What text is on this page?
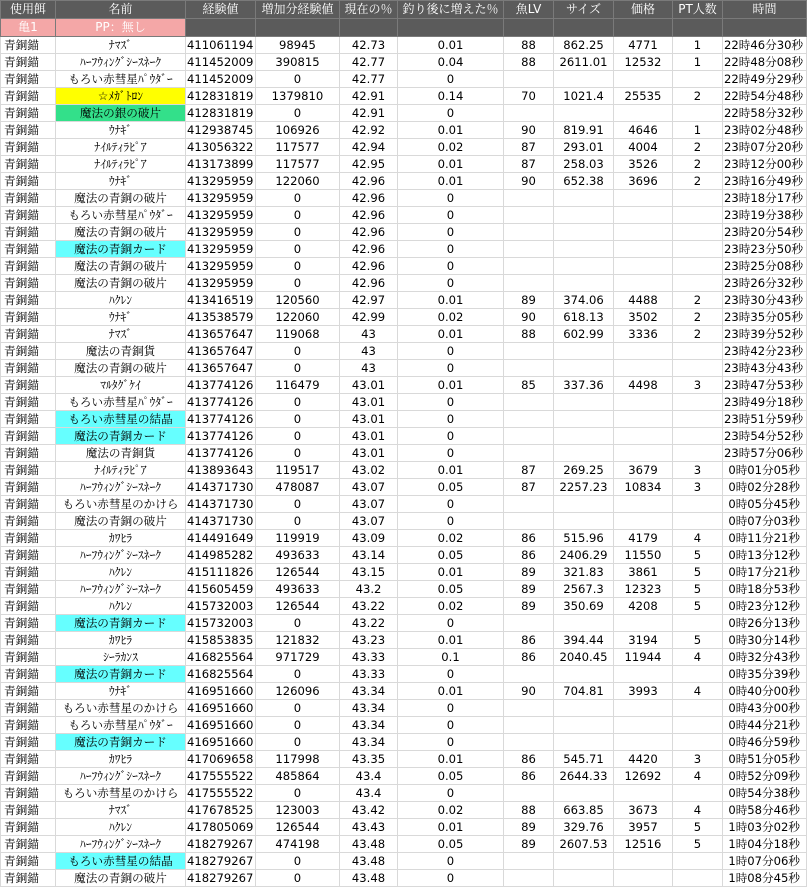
使用餌	名前	経験値	増加分経験値	現在の％	釣り後に増えた％	魚LV	サイズ	価格	PT人数	時間
亀1	PP：無し									
青銅錨	ﾅﾏｽﾞ	411061194	98945	42.73	0.01	88	862.25	4771	1	22時46分30秒
青銅錨	ﾊｰﾌｳｨﾝｸﾞｼｰｽﾈｰｸ	411452009	390815	42.77	0.04	88	2611.01	12532	1	22時48分08秒
青銅錨	もろい赤彗星ﾊﾟｳﾀﾞｰ	411452009	0	42.77	0					22時49分29秒
青銅錨	☆ﾒｶﾞﾄﾛﾝ	412831819	1379810	42.91	0.14	70	1021.4	25535	2	22時54分48秒
青銅錨	魔法の銀の破片	412831819	0	42.91	0					22時58分32秒
青銅錨	ｳﾅｷﾞ	412938745	106926	42.92	0.01	90	819.91	4646	1	23時02分48秒
青銅錨	ﾅｲﾙﾃｨﾗﾋﾟｱ	413056322	117577	42.94	0.02	87	293.01	4004	2	23時07分20秒
青銅錨	ﾅｲﾙﾃｨﾗﾋﾟｱ	413173899	117577	42.95	0.01	87	258.03	3526	2	23時12分00秒
青銅錨	ｳﾅｷﾞ	413295959	122060	42.96	0.01	90	652.38	3696	2	23時16分49秒
青銅錨	魔法の青銅の破片	413295959	0	42.96	0					23時18分17秒
青銅錨	もろい赤彗星ﾊﾟｳﾀﾞｰ	413295959	0	42.96	0					23時19分38秒
青銅錨	魔法の青銅の破片	413295959	0	42.96	0					23時20分54秒
青銅錨	魔法の青銅カード	413295959	0	42.96	0					23時23分50秒
青銅錨	魔法の青銅の破片	413295959	0	42.96	0					23時25分08秒
青銅錨	魔法の青銅の破片	413295959	0	42.96	0					23時26分32秒
青銅錨	ﾊｸﾚﾝ	413416519	120560	42.97	0.01	89	374.06	4488	2	23時30分43秒
青銅錨	ｳﾅｷﾞ	413538579	122060	42.99	0.02	90	618.13	3502	2	23時35分05秒
青銅錨	ﾅﾏｽﾞ	413657647	119068	43	0.01	88	602.99	3336	2	23時39分52秒
青銅錨	魔法の青銅貨	413657647	0	43	0					23時42分23秒
青銅錨	魔法の青銅の破片	413657647	0	43	0					23時43分43秒
青銅錨	ﾏﾙﾀｸﾞｹｲ	413774126	116479	43.01	0.01	85	337.36	4498	3	23時47分53秒
青銅錨	もろい赤彗星ﾊﾟｳﾀﾞｰ	413774126	0	43.01	0					23時49分18秒
青銅錨	もろい赤彗星の結晶	413774126	0	43.01	0					23時51分59秒
青銅錨	魔法の青銅カード	413774126	0	43.01	0					23時54分52秒
青銅錨	魔法の青銅貨	413774126	0	43.01	0					23時57分06秒
青銅錨	ﾅｲﾙﾃｨﾗﾋﾟｱ	413893643	119517	43.02	0.01	87	269.25	3679	3	0時01分05秒
青銅錨	ﾊｰﾌｳｨﾝｸﾞｼｰｽﾈｰｸ	414371730	478087	43.07	0.05	87	2257.23	10834	3	0時02分28秒
青銅錨	もろい赤彗星のかけら	414371730	0	43.07	0					0時05分45秒
青銅錨	魔法の青銅の破片	414371730	0	43.07	0					0時07分03秒
青銅錨	ｶﾜﾋﾗ	414491649	119919	43.09	0.02	86	515.96	4179	4	0時11分21秒
青銅錨	ﾊｰﾌｳｨﾝｸﾞｼｰｽﾈｰｸ	414985282	493633	43.14	0.05	86	2406.29	11550	5	0時13分12秒
青銅錨	ﾊｸﾚﾝ	415111826	126544	43.15	0.01	89	321.83	3861	5	0時17分21秒
青銅錨	ﾊｰﾌｳｨﾝｸﾞｼｰｽﾈｰｸ	415605459	493633	43.2	0.05	89	2567.3	12323	5	0時18分53秒
青銅錨	ﾊｸﾚﾝ	415732003	126544	43.22	0.02	89	350.69	4208	5	0時23分12秒
青銅錨	魔法の青銅カード	415732003	0	43.22	0					0時26分13秒
青銅錨	ｶﾜﾋﾗ	415853835	121832	43.23	0.01	86	394.44	3194	5	0時30分14秒
青銅錨	ｼｰﾗｶﾝｽ	416825564	971729	43.33	0.1	86	2040.45	11944	4	0時32分43秒
青銅錨	魔法の青銅カード	416825564	0	43.33	0					0時35分39秒
青銅錨	ｳﾅｷﾞ	416951660	126096	43.34	0.01	90	704.81	3993	4	0時40分00秒
青銅錨	もろい赤彗星のかけら	416951660	0	43.34	0					0時43分00秒
青銅錨	もろい赤彗星ﾊﾟｳﾀﾞｰ	416951660	0	43.34	0					0時44分21秒
青銅錨	魔法の青銅カード	416951660	0	43.34	0					0時46分59秒
青銅錨	ｶﾜﾋﾗ	417069658	117998	43.35	0.01	86	545.71	4420	3	0時51分05秒
青銅錨	ﾊｰﾌｳｨﾝｸﾞｼｰｽﾈｰｸ	417555522	485864	43.4	0.05	86	2644.33	12692	4	0時52分09秒
青銅錨	もろい赤彗星のかけら	417555522	0	43.4	0					0時54分38秒
青銅錨	ﾅﾏｽﾞ	417678525	123003	43.42	0.02	88	663.85	3673	4	0時58分46秒
青銅錨	ﾊｸﾚﾝ	417805069	126544	43.43	0.01	89	329.76	3957	5	1時03分02秒
青銅錨	ﾊｰﾌｳｨﾝｸﾞｼｰｽﾈｰｸ	418279267	474198	43.48	0.05	89	2607.53	12516	5	1時04分18秒
青銅錨	もろい赤彗星の結晶	418279267	0	43.48	0					1時07分06秒
青銅錨	魔法の青銅の破片	418279267	0	43.48	0					1時08分45秒
